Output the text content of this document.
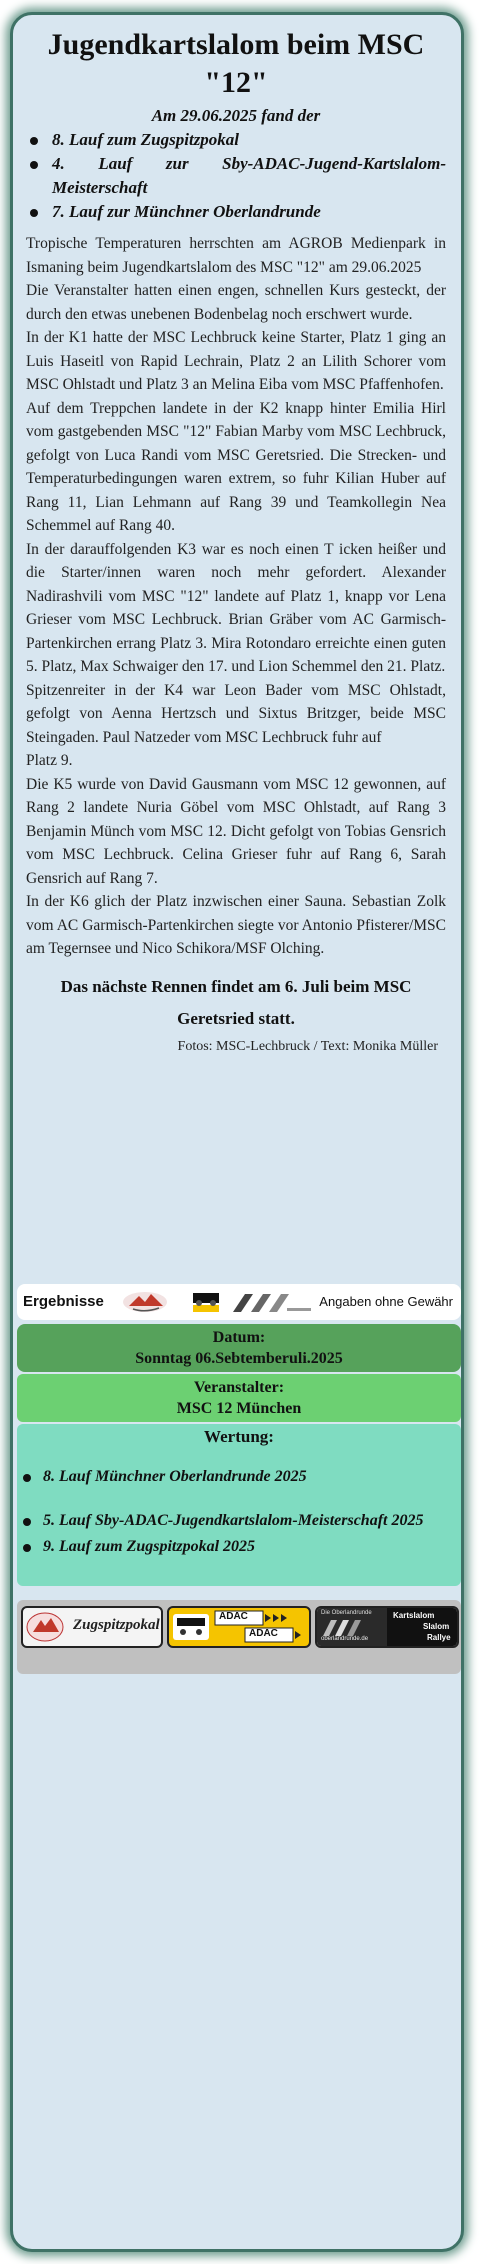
Jugendkartslalom beim MSC "12"
Am 29.06.2025 fand der
8. Lauf zum Zugspitzpokal
4. Lauf zur Sby-ADAC-Jugend-Kartslalom-Meisterschaft
7. Lauf zur Münchner Oberlandrunde

Tropische Temperaturen herrschten am AGROB Medienpark in Ismaning beim Jugendkartslalom des MSC "12" am 29.06.2025

Die Veranstalter hatten einen engen, schnellen Kurs gesteckt, der durch den etwas unebenen Bodenbelag noch erschwert wurde.

In der K1 hatte der MSC Lechbruck keine Starter, Platz 1 ging an Luis Haseitl von Rapid Lechrain, Platz 2 an Lilith Schorer vom MSC Ohlstadt und Platz 3 an Melina Eiba vom MSC Pfaffenhofen.

Auf dem Treppchen landete in der K2 knapp hinter Emilia Hirl vom gastgebenden MSC "12" Fabian Marby vom MSC Lechbruck, gefolgt von Luca Randi vom MSC Geretsried. Die Strecken- und Temperaturbedingungen waren extrem, so fuhr Kilian Huber auf Rang 11, Lian Lehmann auf Rang 39 und Teamkollegin Nea Schemmel auf Rang 40.

In der darauffolgenden K3 war es noch einen T icken heißer und die Starter/innen waren noch mehr gefordert. Alexander Nadirashvili vom MSC "12" landete auf Platz 1, knapp vor Lena Grieser vom MSC Lechbruck. Brian Gräber vom AC Garmisch-Partenkirchen errang Platz 3. Mira Rotondaro erreichte einen guten 5. Platz, Max Schwaiger den 17. und Lion Schemmel den 21. Platz.

Spitzenreiter in der K4 war Leon Bader vom MSC Ohlstadt, gefolgt von Aenna Hertzsch und Sixtus Britzger, beide MSC Steingaden. Paul Natzeder vom MSC Lechbruck fuhr auf

Platz 9.

Die K5 wurde von David Gausmann vom MSC 12 gewonnen, auf Rang 2 landete Nuria Göbel vom MSC Ohlstadt, auf Rang 3 Benjamin Münch vom MSC 12. Dicht gefolgt von Tobias Gensrich vom MSC Lechbruck. Celina Grieser fuhr auf Rang 6, Sarah Gensrich auf Rang 7.

In der K6 glich der Platz inzwischen einer Sauna. Sebastian Zolk vom AC Garmisch-Partenkirchen siegte vor Antonio Pfisterer/MSC am Tegernsee und Nico Schikora/MSF Olching.

Das nächste Rennen findet am 6. Juli beim MSC Geretsried statt.
Fotos: MSC-Lechbruck / Text: Monika Müller
Ergebnisse	Angaben ohne Gewähr
Datum:
Sonntag 06.Sebtemberuli.2025
Veranstalter:
MSC 12 München
Wertung:
8. Lauf Münchner Oberlandrunde 2025
5. Lauf Sby-ADAC-Jugendkartslalom-Meisterschaft 2025
9. Lauf zum Zugspitzpokal 2025
Zugspitzpokal
ADAC
ADAC
Die Oberlandrunde
oberlandrunde.de
Kartslalom
Slalom
Rallye
